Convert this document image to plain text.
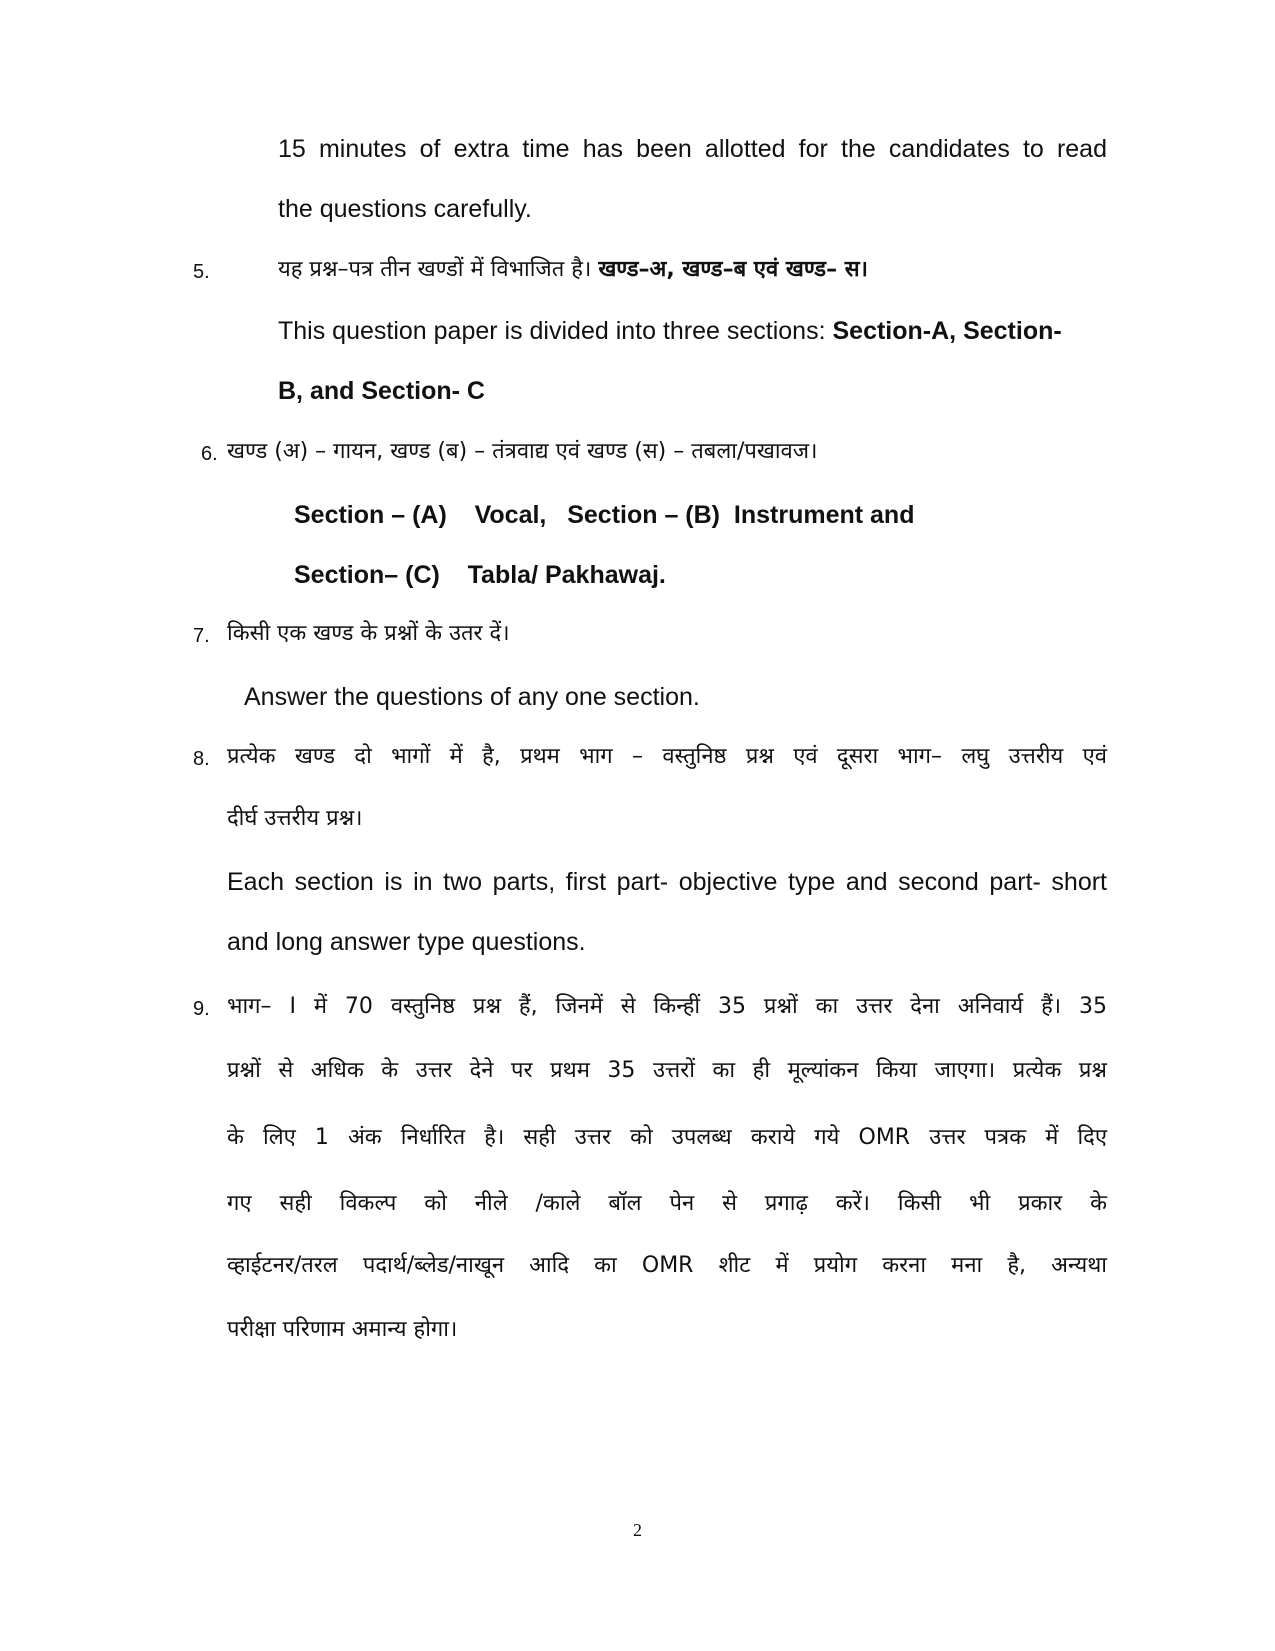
15 minutes of extra time has been allotted for the candidates to read
the questions carefully.
5.	यह प्रश्न–पत्र तीन खण्डों में विभाजित है। खण्ड–अ, खण्ड–ब एवं खण्ड– स।
This question paper is divided into three sections: Section-A, Section-
B, and Section- C
6. खण्ड (अ) – गायन, खण्ड (ब) – तंत्रवाद्य एवं खण्ड (स) – तबला/पखावज।
Section – (A)    Vocal,   Section – (B)  Instrument and
Section– (C)    Tabla/ Pakhawaj.
7. किसी एक खण्ड के प्रश्नों के उतर दें।
Answer the questions of any one section.
8. प्रत्येक खण्ड दो भागों में है, प्रथम भाग – वस्तुनिष्ठ प्रश्न एवं दूसरा भाग– लघु उत्तरीय एवं
दीर्घ उत्तरीय प्रश्न।
Each section is in two parts, first part- objective type and second part- short
and long answer type questions.
9. भाग– I में 70 वस्तुनिष्ठ प्रश्न हैं, जिनमें से किन्हीं 35 प्रश्नों का उत्तर देना अनिवार्य हैं। 35
प्रश्नों से अधिक के उत्तर देने पर प्रथम 35 उत्तरों का ही मूल्यांकन किया जाएगा। प्रत्येक प्रश्न
के लिए 1 अंक निर्धारित है। सही उत्तर को उपलब्ध कराये गये OMR उत्तर पत्रक में दिए
गए सही विकल्प को नीले /काले बॉल पेन से प्रगाढ़ करें। किसी भी प्रकार के
व्हाईटनर/तरल पदार्थ/ब्लेड/नाखून आदि का OMR शीट में प्रयोग करना मना है, अन्यथा
परीक्षा परिणाम अमान्य होगा।
2
